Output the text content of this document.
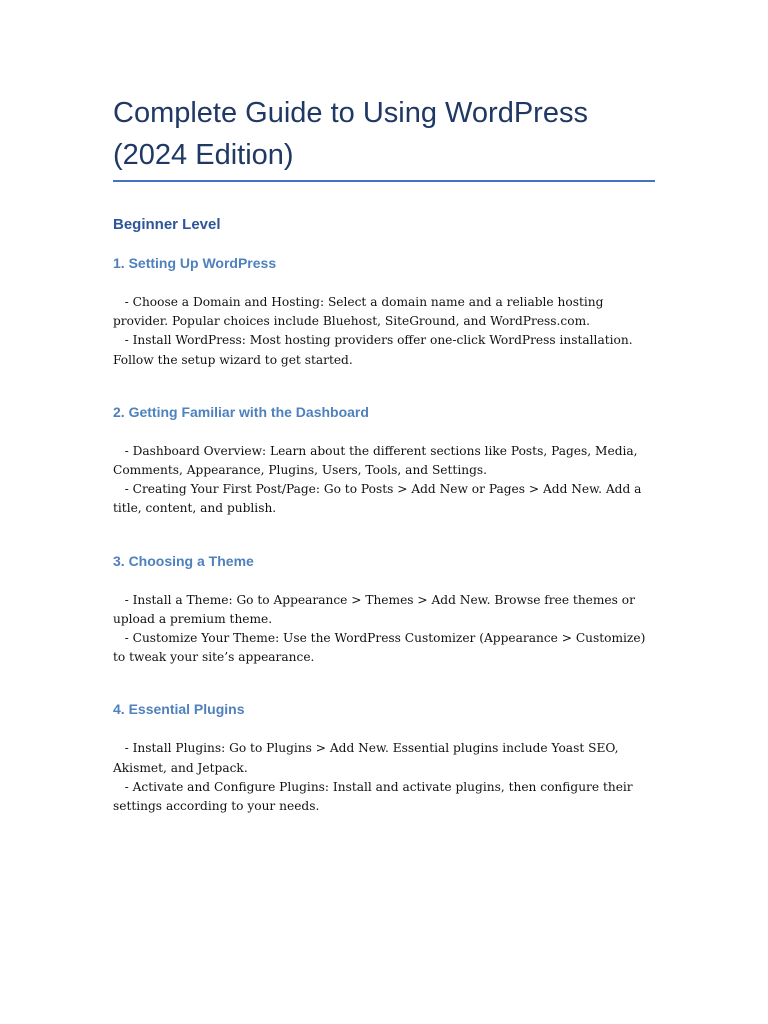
Complete Guide to Using WordPress
(2024 Edition)
Beginner Level
1. Setting Up WordPress

- Choose a Domain and Hosting: Select a domain name and a reliable hosting provider. Popular choices include Bluehost, SiteGround, and WordPress.com.

- Install WordPress: Most hosting providers offer one-click WordPress installation. Follow the setup wizard to get started.

2. Getting Familiar with the Dashboard

- Dashboard Overview: Learn about the different sections like Posts, Pages, Media, Comments, Appearance, Plugins, Users, Tools, and Settings.

- Creating Your First Post/Page: Go to Posts > Add New or Pages > Add New. Add a title, content, and publish.

3. Choosing a Theme

- Install a Theme: Go to Appearance > Themes > Add New. Browse free themes or upload a premium theme.

- Customize Your Theme: Use the WordPress Customizer (Appearance > Customize) to tweak your site’s appearance.

4. Essential Plugins

- Install Plugins: Go to Plugins > Add New. Essential plugins include Yoast SEO, Akismet, and Jetpack.

- Activate and Configure Plugins: Install and activate plugins, then configure their settings according to your needs.
